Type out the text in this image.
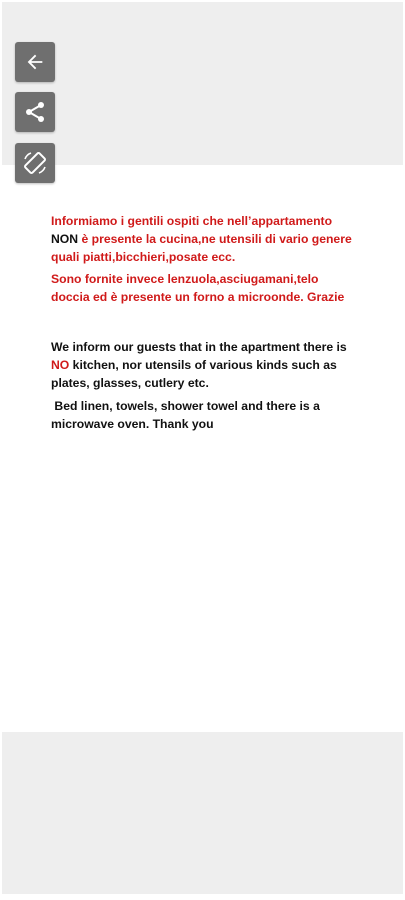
Informiamo i gentili ospiti che nell’appartamento NON è presente la cucina,ne utensili di vario genere quali piatti,bicchieri,posate ecc.

Sono fornite invece lenzuola,asciugamani,telo doccia ed è presente un forno a microonde. Grazie

We inform our guests that in the apartment there is NO kitchen, nor utensils of various kinds such as plates, glasses, cutlery etc.

Bed linen, towels, shower towel and there is a microwave oven. Thank you
